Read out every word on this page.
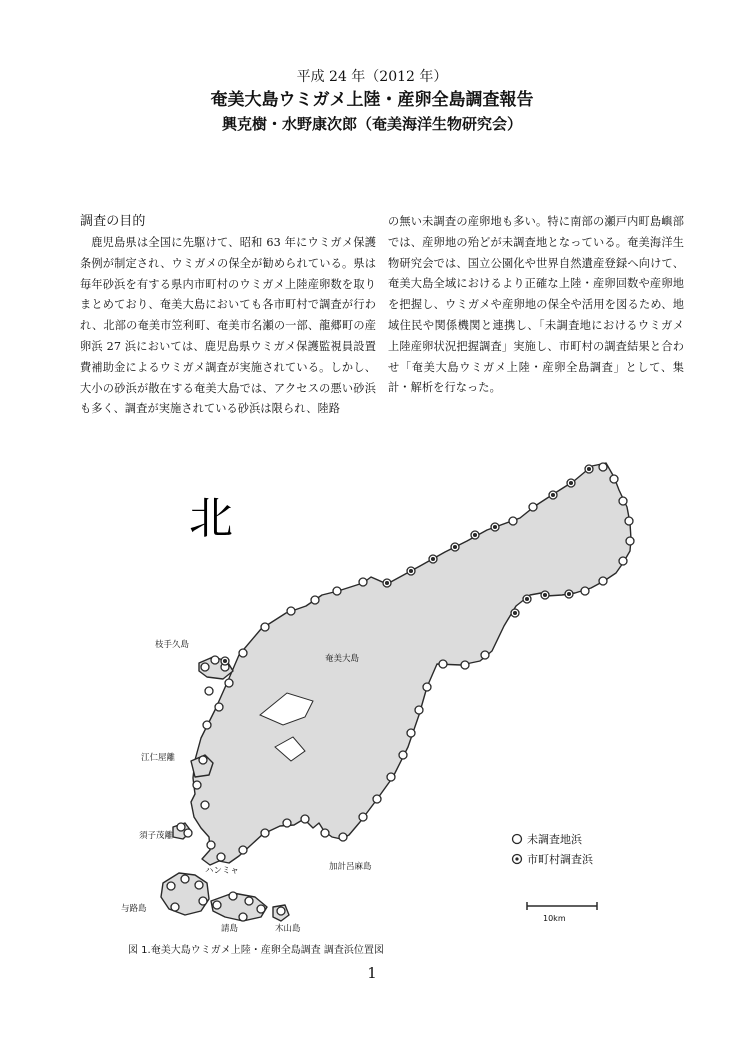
平成 24 年（2012 年）
奄美大島ウミガメ上陸・産卵全島調査報告
興克樹・水野康次郎（奄美海洋生物研究会）
調査の目的

鹿児島県は全国に先駆けて、昭和 63 年にウミガメ保護条例が制定され、ウミガメの保全が勧められている。県は毎年砂浜を有する県内市町村のウミガメ上陸産卵数を取りまとめており、奄美大島においても各市町村で調査が行われ、北部の奄美市笠利町、奄美市名瀬の一部、龍郷町の産卵浜 27 浜においては、鹿児島県ウミガメ保護監視員設置費補助金によるウミガメ調査が実施されている。しかし、大小の砂浜が散在する奄美大島では、アクセスの悪い砂浜も多く、調査が実施されている砂浜は限られ、陸路

の無い未調査の産卵地も多い。特に南部の瀬戸内町島嶼部では、産卵地の殆どが未調査地となっている。奄美海洋生物研究会では、国立公園化や世界自然遺産登録へ向けて、奄美大島全域におけるより正確な上陸・産卵回数や産卵地を把握し、ウミガメや産卵地の保全や活用を図るため、地域住民や関係機関と連携し、「未調査地におけるウミガメ上陸産卵状況把握調査」実施し、市町村の調査結果と合わせ「奄美大島ウミガメ上陸・産卵全島調査」として、集計・解析を行なった。

北
枝手久島
奄美大島
江仁屋離
須子茂離
ハンミャ
与路島
請島	木山島
加計呂麻島
未調査地浜
市町村調査浜
10km
図 1.奄美大島ウミガメ上陸・産卵全島調査 調査浜位置図
1
